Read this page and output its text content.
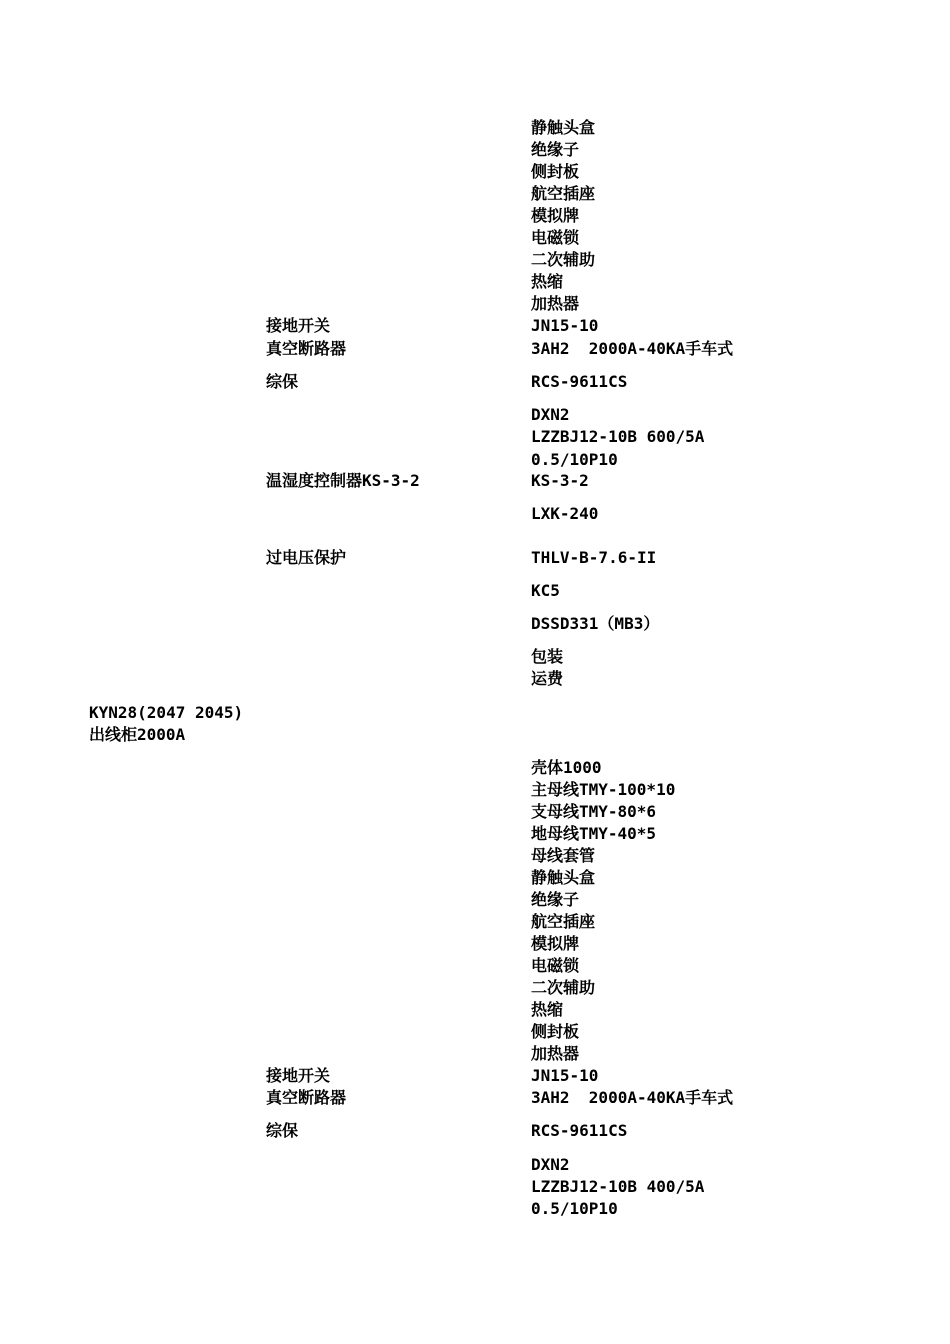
静触头盒
绝缘子
侧封板
航空插座
模拟牌
电磁锁
二次辅助
热缩
加热器
接地开关	JN15-10
真空断路器	3AH2  2000A-40KA手车式
综保	RCS-9611CS
DXN2
LZZBJ12-10B 600/5A
0.5/10P10
温湿度控制器KS-3-2	KS-3-2
LXK-240
过电压保护	THLV-B-7.6-II
KC5
DSSD331（MB3）
包装
运费
KYN28(2047 2045)
出线柜2000A
壳体1000
主母线TMY-100*10
支母线TMY-80*6
地母线TMY-40*5
母线套管
静触头盒
绝缘子
航空插座
模拟牌
电磁锁
二次辅助
热缩
侧封板
加热器
接地开关	JN15-10
真空断路器	3AH2  2000A-40KA手车式
综保	RCS-9611CS
DXN2
LZZBJ12-10B 400/5A
0.5/10P10
